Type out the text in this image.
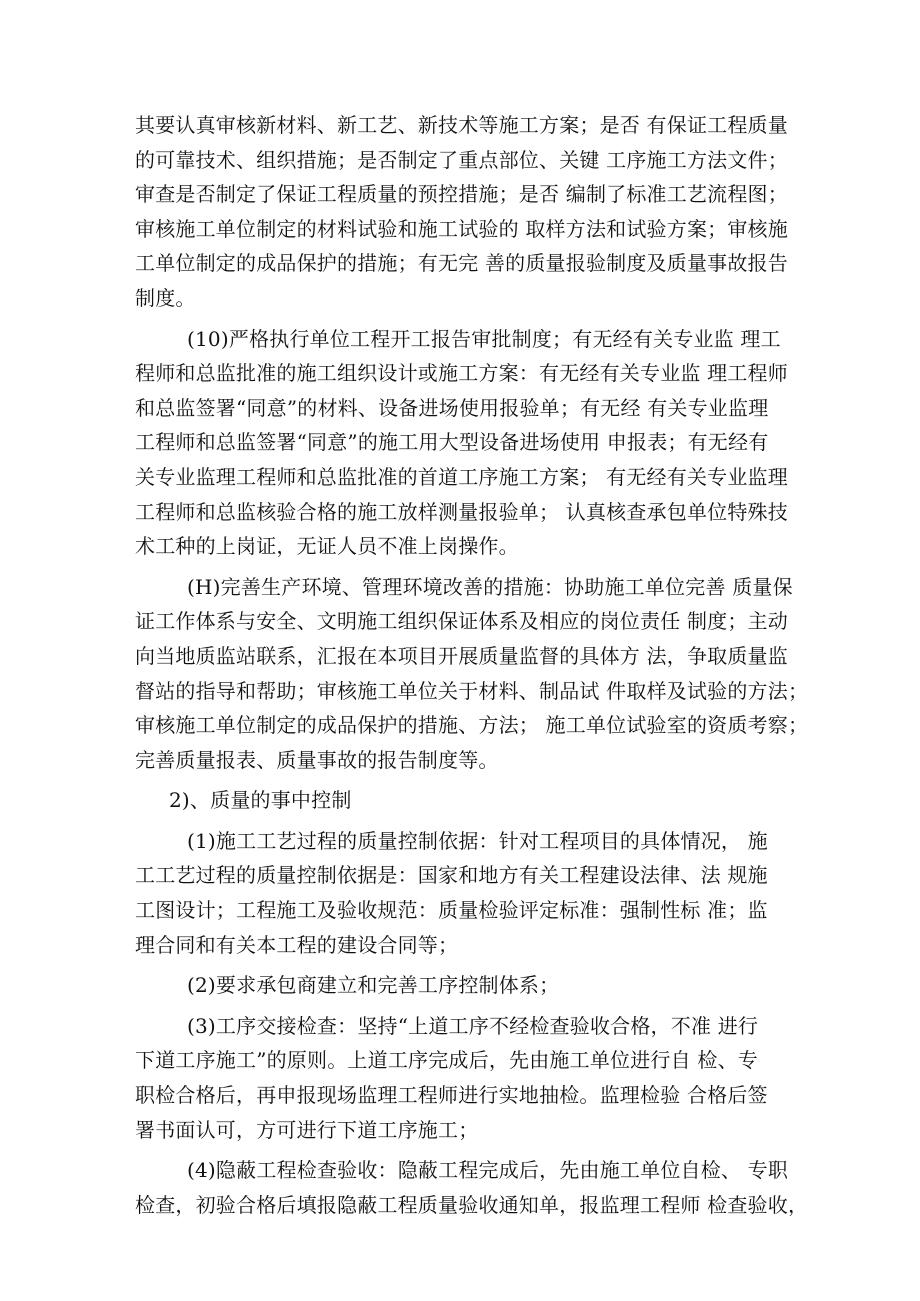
其要认真审核新材料、新工艺、新技术等施工方案；是否 有保证工程质量
的可靠技术、组织措施；是否制定了重点部位、关键 工序施工方法文件；
审查是否制定了保证工程质量的预控措施；是否 编制了标准工艺流程图；
审核施工单位制定的材料试验和施工试验的 取样方法和试验方案；审核施
工单位制定的成品保护的措施；有无完 善的质量报验制度及质量事故报告
制度。
(10)严格执行单位工程开工报告审批制度；有无经有关专业监 理工
程师和总监批准的施工组织设计或施工方案：有无经有关专业监 理工程师
和总监签署“同意”的材料、设备进场使用报验单；有无经 有关专业监理
工程师和总监签署“同意”的施工用大型设备进场使用 申报表；有无经有
关专业监理工程师和总监批准的首道工序施工方案； 有无经有关专业监理
工程师和总监核验合格的施工放样测量报验单； 认真核查承包单位特殊技
术工种的上岗证，无证人员不准上岗操作。
(H)完善生产环境、管理环境改善的措施：协助施工单位完善 质量保
证工作体系与安全、文明施工组织保证体系及相应的岗位责任 制度；主动
向当地质监站联系，汇报在本项目开展质量监督的具体方 法，争取质量监
督站的指导和帮助；审核施工单位关于材料、制品试 件取样及试验的方法；
审核施工单位制定的成品保护的措施、方法； 施工单位试验室的资质考察；
完善质量报表、质量事故的报告制度等。
2)、质量的事中控制
(1)施工工艺过程的质量控制依据：针对工程项目的具体情况， 施
工工艺过程的质量控制依据是：国家和地方有关工程建设法律、法 规施
工图设计；工程施工及验收规范：质量检验评定标准：强制性标 准；监
理合同和有关本工程的建设合同等；
(2)要求承包商建立和完善工序控制体系；
(3)工序交接检查：坚持“上道工序不经检查验收合格，不准 进行
下道工序施工”的原则。上道工序完成后，先由施工单位进行自 检、专
职检合格后，再申报现场监理工程师进行实地抽检。监理检验 合格后签
署书面认可，方可进行下道工序施工；
(4)隐蔽工程检查验收：隐蔽工程完成后，先由施工单位自检、 专职
检查，初验合格后填报隐蔽工程质量验收通知单，报监理工程师 检查验收，
